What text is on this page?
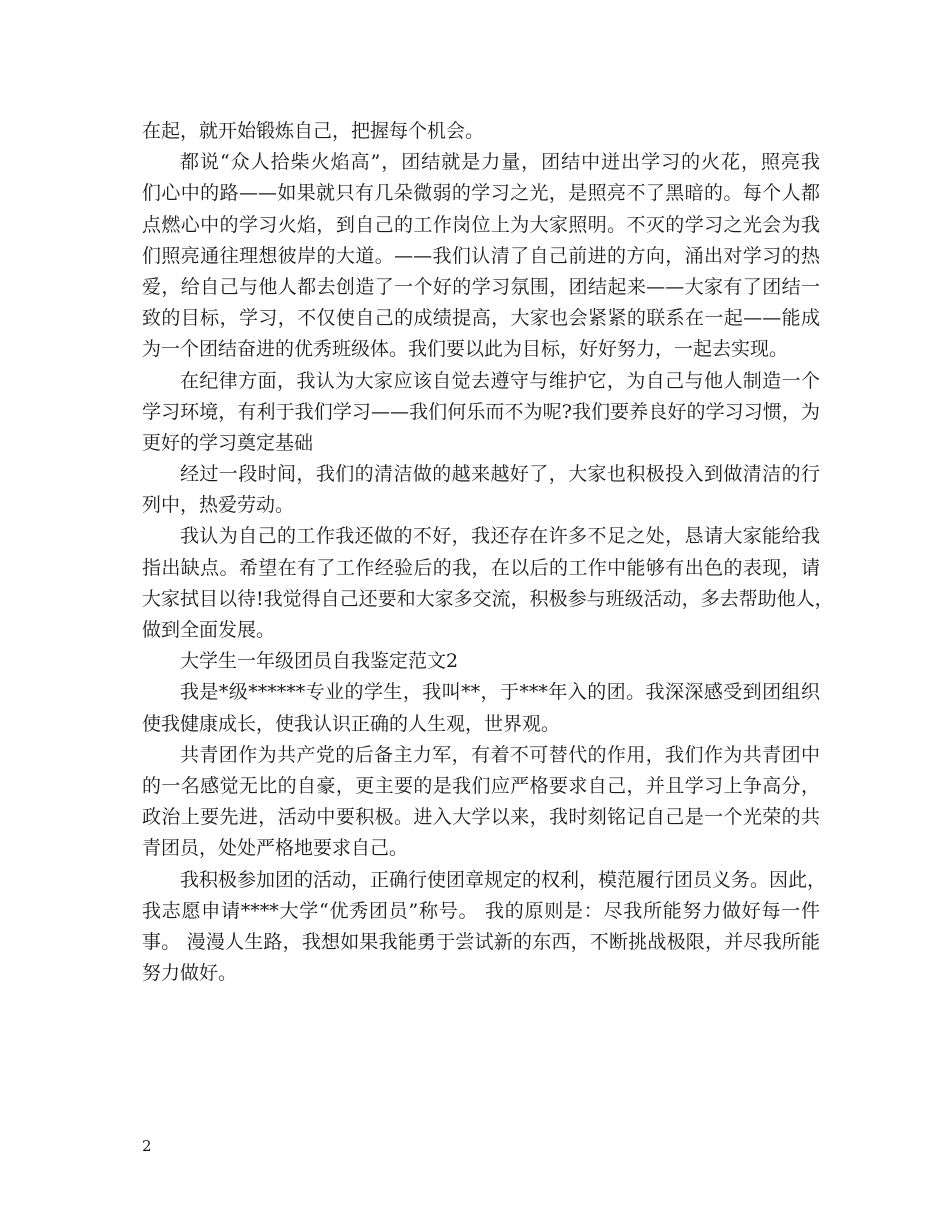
在起，就开始锻炼自己，把握每个机会。
都说“众人拾柴火焰高”，团结就是力量，团结中迸出学习的火花，照亮我
们心中的路——如果就只有几朵微弱的学习之光，是照亮不了黑暗的。每个人都
点燃心中的学习火焰，到自己的工作岗位上为大家照明。不灭的学习之光会为我
们照亮通往理想彼岸的大道。——我们认清了自己前进的方向，涌出对学习的热
爱，给自己与他人都去创造了一个好的学习氛围，团结起来——大家有了团结一
致的目标，学习，不仅使自己的成绩提高，大家也会紧紧的联系在一起——能成
为一个团结奋进的优秀班级体。我们要以此为目标，好好努力，一起去实现。
在纪律方面，我认为大家应该自觉去遵守与维护它，为自己与他人制造一个
学习环境，有利于我们学习——我们何乐而不为呢?我们要养良好的学习习惯，为
更好的学习奠定基础
经过一段时间，我们的清洁做的越来越好了，大家也积极投入到做清洁的行
列中，热爱劳动。
我认为自己的工作我还做的不好，我还存在许多不足之处，恳请大家能给我
指出缺点。希望在有了工作经验后的我，在以后的工作中能够有出色的表现，请
大家拭目以待!我觉得自己还要和大家多交流，积极参与班级活动，多去帮助他人，
做到全面发展。
大学生一年级团员自我鉴定范文2
我是*级******专业的学生，我叫**，于***年入的团。我深深感受到团组织
使我健康成长，使我认识正确的人生观，世界观。
共青团作为共产党的后备主力军，有着不可替代的作用，我们作为共青团中
的一名感觉无比的自豪，更主要的是我们应严格要求自己，并且学习上争高分，
政治上要先进，活动中要积极。进入大学以来，我时刻铭记自己是一个光荣的共
青团员，处处严格地要求自己。
我积极参加团的活动，正确行使团章规定的权利，模范履行团员义务。因此，
我志愿申请****大学“优秀团员”称号。 我的原则是：尽我所能努力做好每一件
事。 漫漫人生路，我想如果我能勇于尝试新的东西，不断挑战极限，并尽我所能
努力做好。
2
